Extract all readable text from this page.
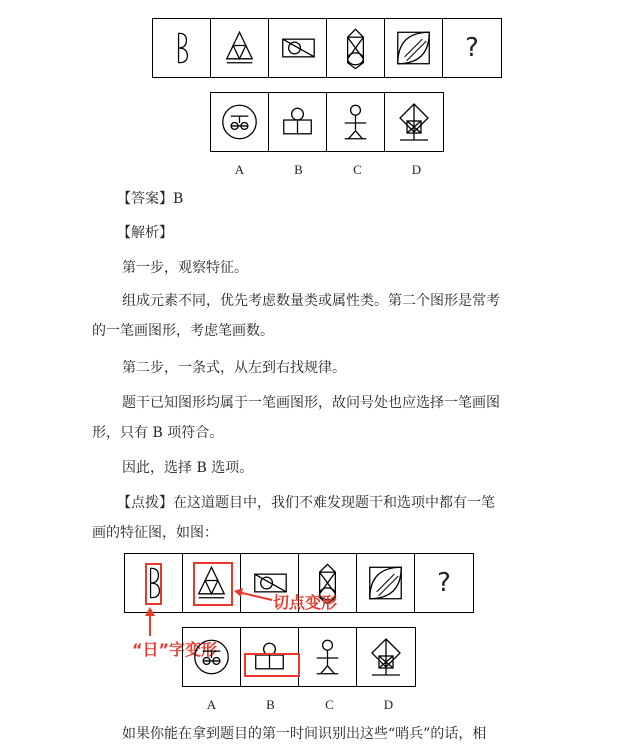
?
A	B	C	D
【答案】B
【解析】
第一步，观察特征。
组成元素不同，优先考虑数量类或属性类。第二个图形是常考
的一笔画图形，考虑笔画数。
第二步，一条式，从左到右找规律。
题干已知图形均属于一笔画图形，故问号处也应选择一笔画图
形，只有 B 项符合。
因此，选择 B 选项。
【点拨】在这道题目中，我们不难发现题干和选项中都有一笔
画的特征图，如图：
?
切点变形
“日”字变形
A	B	C	D
如果你能在拿到题目的第一时间识别出这些“哨兵”的话，相
